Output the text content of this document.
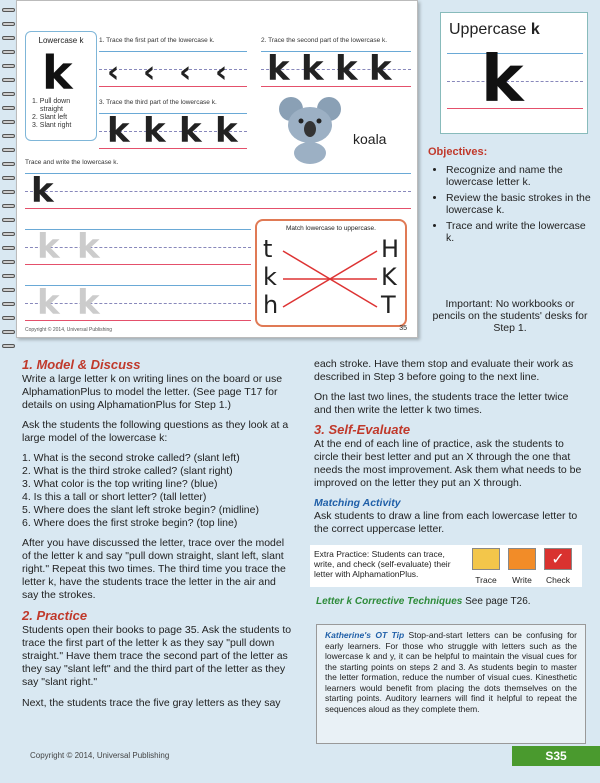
Lowercase k
k
1. Pull down
straight
2. Slant left
3. Slant right
1. Trace the first part of the lowercase k.	2. Trace the second part of the lowercase k.
3. Trace the third part of the lowercase k.
‹ ‹ ‹ ‹ k k k k
k k k k	koala
Trace and write the lowercase k.
k
k k
k k
Match lowercase to uppercase.
t
k
h
H
K
T
Copyright © 2014, Universal Publishing	35
Uppercase k
k
Objectives:
• Recognize and name the lowercase letter k.
• Review the basic strokes in the lowercase k.
• Trace and write the lowercase k.
Important: No workbooks or pencils on the students' desks for Step 1.
1. Model & Discuss

Write a large letter k on writing lines on the board or use AlphamationPlus to model the letter. (See page T17 for details on using AlphamationPlus for Step 1.)

Ask the students the following questions as they look at a large model of the lowercase k:

1. What is the second stroke called? (slant left)
2. What is the third stroke called? (slant right)
3. What color is the top writing line? (blue)
4. Is this a tall or short letter? (tall letter)
5. Where does the slant left stroke begin? (midline)
6. Where does the first stroke begin? (top line)

After you have discussed the letter, trace over the model of the letter k and say "pull down straight, slant left, slant right." Repeat this two times. The third time you trace the letter k, have the students trace the letter in the air and say the strokes.

2. Practice

Students open their books to page 35. Ask the students to trace the first part of the letter k as they say "pull down straight." Have them trace the second part of the letter as they say "slant left" and the third part of the letter as they say "slant right."

Next, the students trace the five gray letters as they say

each stroke. Have them stop and evaluate their work as described in Step 3 before going to the next line.

On the last two lines, the students trace the letter twice and then write the letter k two times.

3. Self-Evaluate

At the end of each line of practice, ask the students to circle their best letter and put an X through the one that needs the most improvement. Ask them what needs to be improved on the letter they put an X through.

Matching Activity

Ask students to draw a line from each lowercase letter to the correct uppercase letter.

Extra Practice: Students can trace, write, and check (self-evaluate) their letter with AlphamationPlus.
✓
Trace	Write	Check
Letter k Corrective Techniques See page T26.
Katherine's OT Tip Stop-and-start letters can be confusing for early learners. For those who struggle with letters such as the lowercase k and y, it can be helpful to maintain the visual cues for the starting points on steps 2 and 3. As students begin to master the letter formation, reduce the number of visual cues. Kinesthetic learners would benefit from placing the dots themselves on the starting points. Auditory learners will find it helpful to repeat the sequences aloud as they complete them.
Copyright © 2014, Universal Publishing	S35
